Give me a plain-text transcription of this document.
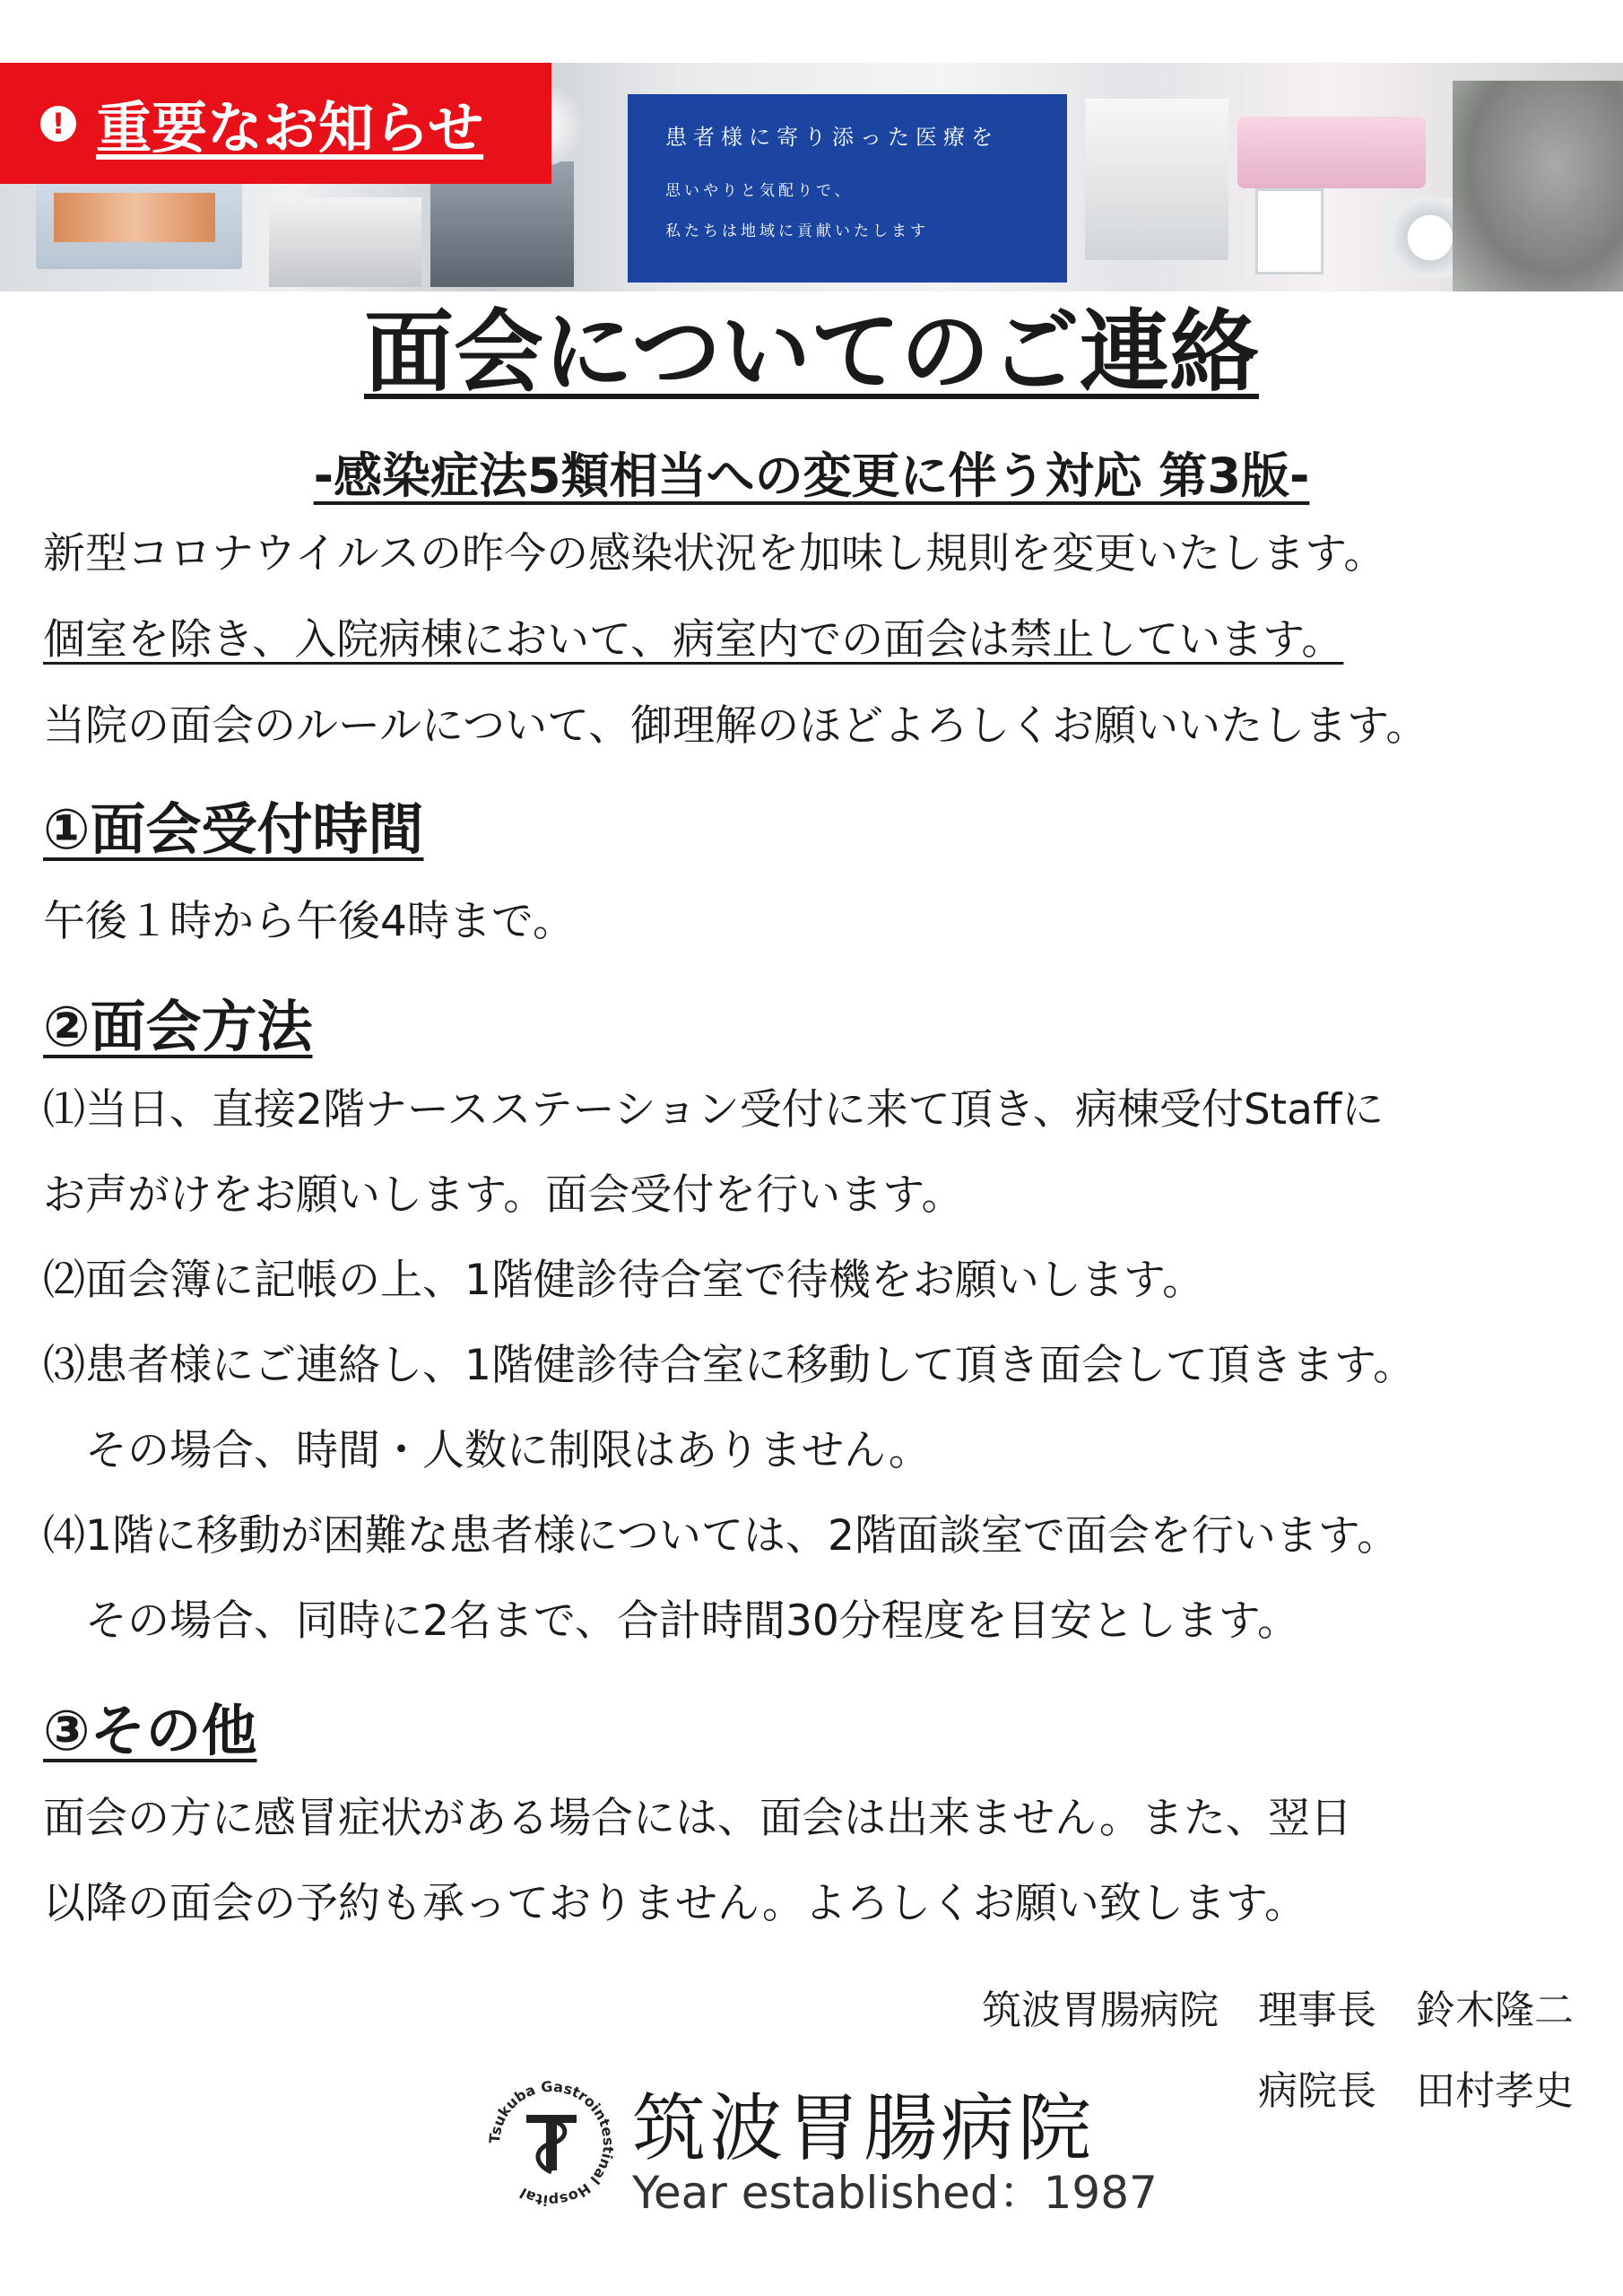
患者様に寄り添った医療を
思いやりと気配りで、
私たちは地域に貢献いたします
! 重要なお知らせ
面会についてのご連絡
-感染症法5類相当への変更に伴う対応 第3版-
新型コロナウイルスの昨今の感染状況を加味し規則を変更いたします。
個室を除き、入院病棟において、病室内での面会は禁止しています。
当院の面会のルールについて、御理解のほどよろしくお願いいたします。
①面会受付時間
午後１時から午後4時まで。
②面会方法
⑴当日、直接2階ナースステーション受付に来て頂き、病棟受付Staffに
お声がけをお願いします。面会受付を行います。
⑵面会簿に記帳の上、1階健診待合室で待機をお願いします。
⑶患者様にご連絡し、1階健診待合室に移動して頂き面会して頂きます。
　その場合、時間・人数に制限はありません。
⑷1階に移動が困難な患者様については、2階面談室で面会を行います。
　その場合、同時に2名まで、合計時間30分程度を目安とします。
③その他
面会の方に感冒症状がある場合には、面会は出来ません。また、翌日
以降の面会の予約も承っておりません。よろしくお願い致します。
筑波胃腸病院　理事長　鈴木隆二
病院長　田村孝史
Tsukuba Gastrointestinal Hospital
筑波胃腸病院
Year established：1987
